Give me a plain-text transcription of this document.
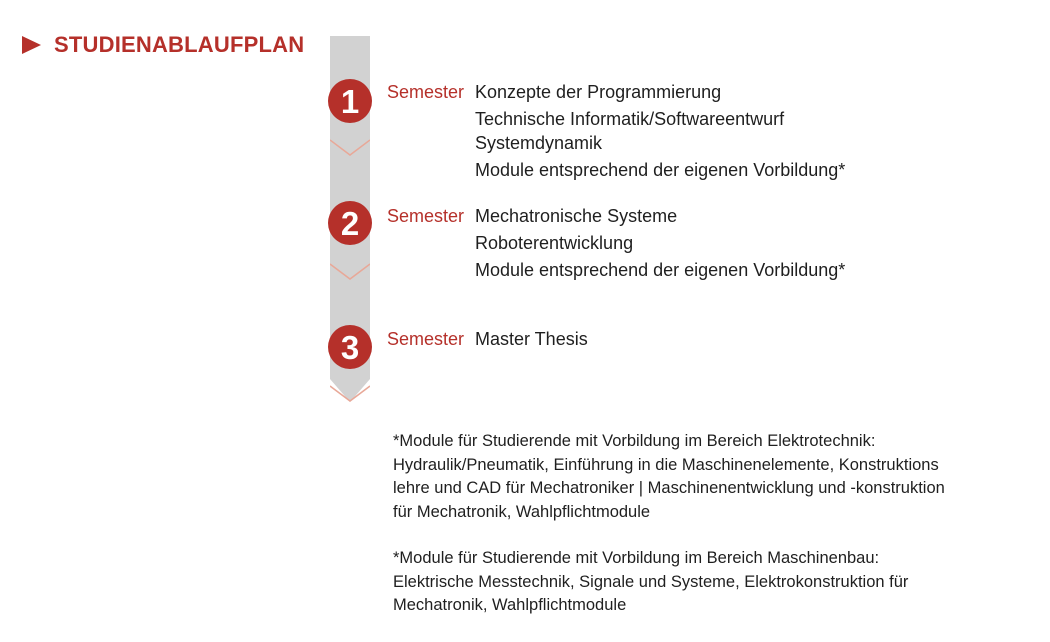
STUDIENABLAUFPLAN
1	Semester Konzepte der Programmierung
Technische Informatik/Softwareentwurf
Systemdynamik
Module entsprechend der eigenen Vorbildung*
2	Semester Mechatronische Systeme
Roboterentwicklung
Module entsprechend der eigenen Vorbildung*
3	Semester Master Thesis
*Module für Studierende mit Vorbildung im Bereich Elektrotechnik:
Hydraulik/Pneumatik, Einführung in die Maschinenelemente, Konstruktions
lehre und CAD für Mechatroniker | Maschinenentwicklung und -konstruktion
für Mechatronik, Wahlpflichtmodule
*Module für Studierende mit Vorbildung im Bereich Maschinenbau:
Elektrische Messtechnik, Signale und Systeme, Elektrokonstruktion für
Mechatronik, Wahlpflichtmodule
